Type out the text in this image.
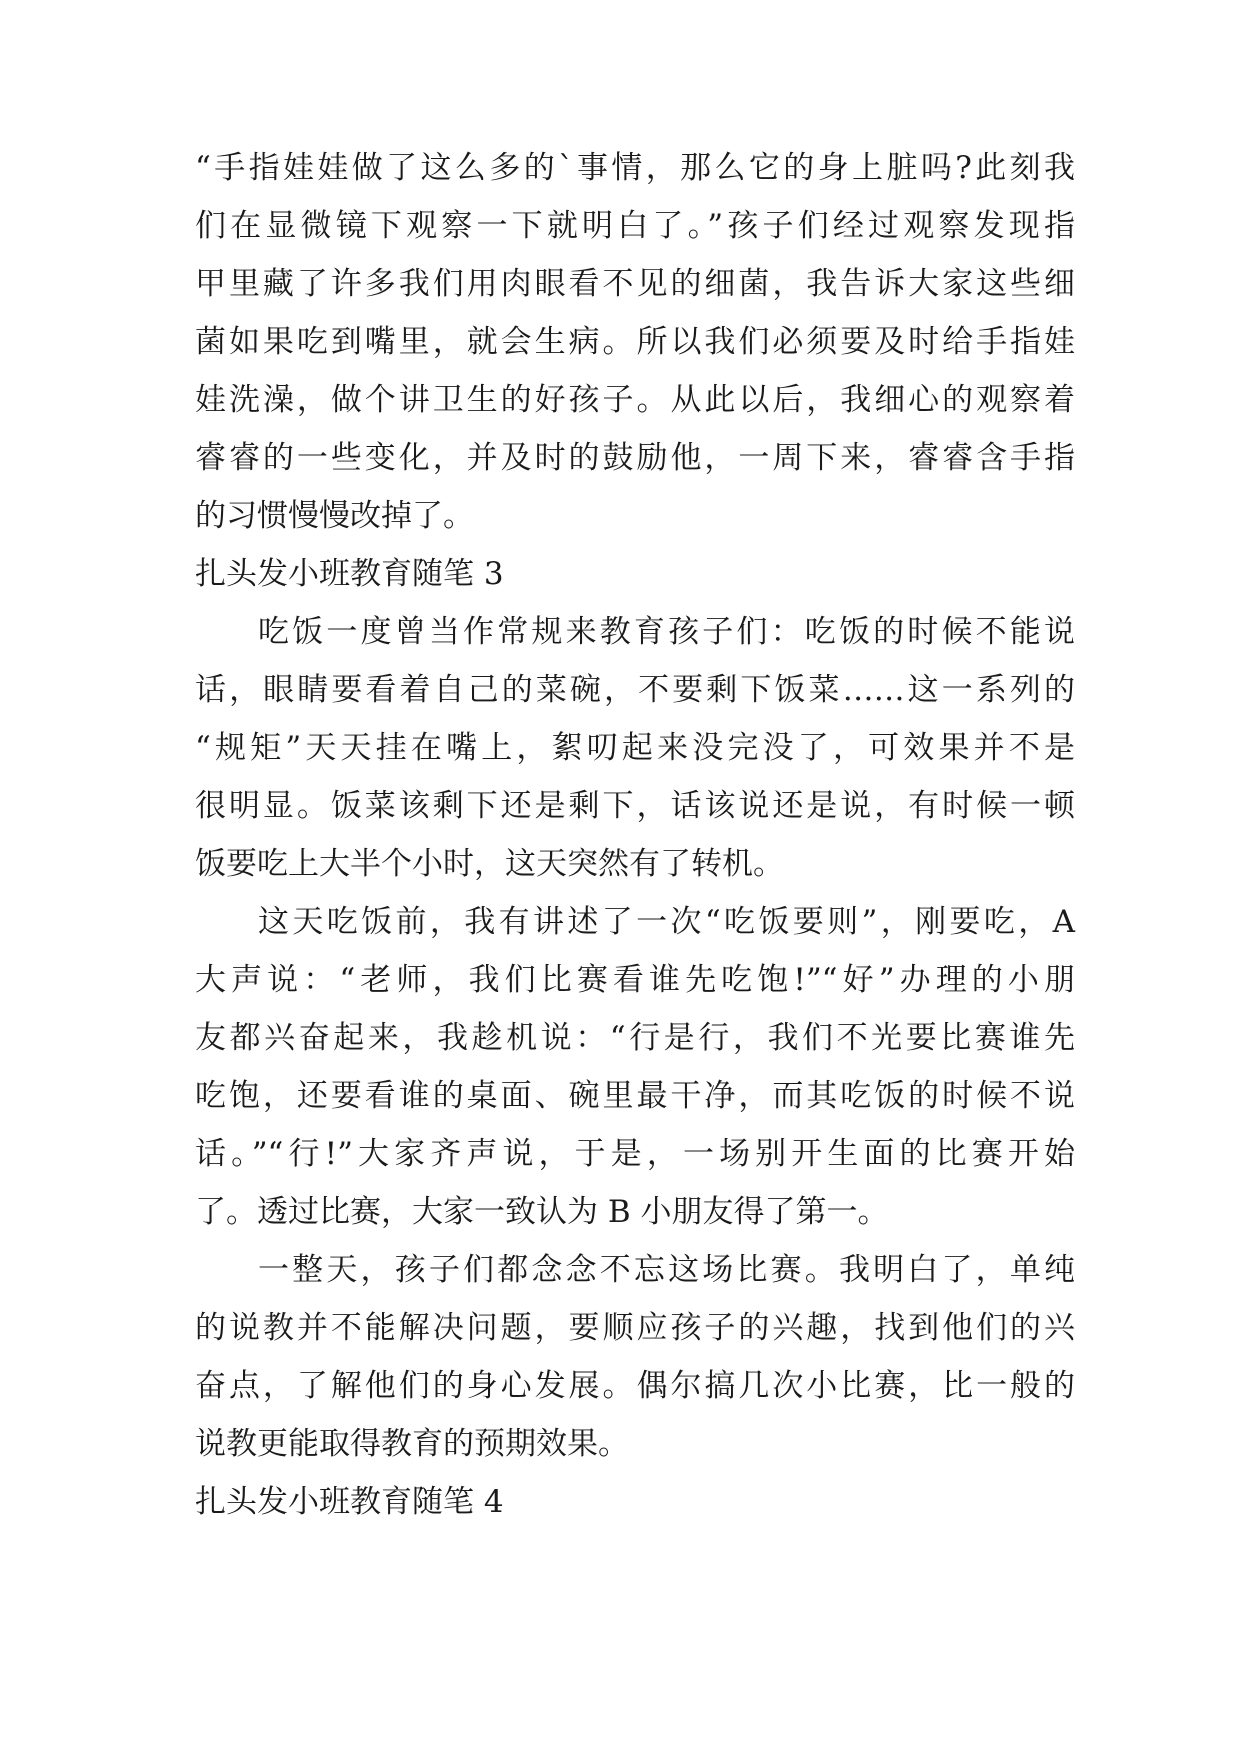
“手指娃娃做了这么多的`事情，那么它的身上脏吗?此刻我
们在显微镜下观察一下就明白了。”孩子们经过观察发现指
甲里藏了许多我们用肉眼看不见的细菌，我告诉大家这些细
菌如果吃到嘴里，就会生病。所以我们必须要及时给手指娃
娃洗澡，做个讲卫生的好孩子。从此以后，我细心的观察着
睿睿的一些变化，并及时的鼓励他，一周下来，睿睿含手指
的习惯慢慢改掉了。
扎头发小班教育随笔 3
吃饭一度曾当作常规来教育孩子们：吃饭的时候不能说
话，眼睛要看着自己的菜碗，不要剩下饭菜……这一系列的
“规矩”天天挂在嘴上，絮叨起来没完没了，可效果并不是
很明显。饭菜该剩下还是剩下，话该说还是说，有时候一顿
饭要吃上大半个小时，这天突然有了转机。
这天吃饭前，我有讲述了一次“吃饭要则”，刚要吃，A
大声说：“老师，我们比赛看谁先吃饱!”“好”办理的小朋
友都兴奋起来，我趁机说：“行是行，我们不光要比赛谁先
吃饱，还要看谁的桌面、碗里最干净，而其吃饭的时候不说
话。”“行!”大家齐声说，于是，一场别开生面的比赛开始
了。透过比赛，大家一致认为 B 小朋友得了第一。
一整天，孩子们都念念不忘这场比赛。我明白了，单纯
的说教并不能解决问题，要顺应孩子的兴趣，找到他们的兴
奋点，了解他们的身心发展。偶尔搞几次小比赛，比一般的
说教更能取得教育的预期效果。
扎头发小班教育随笔 4
